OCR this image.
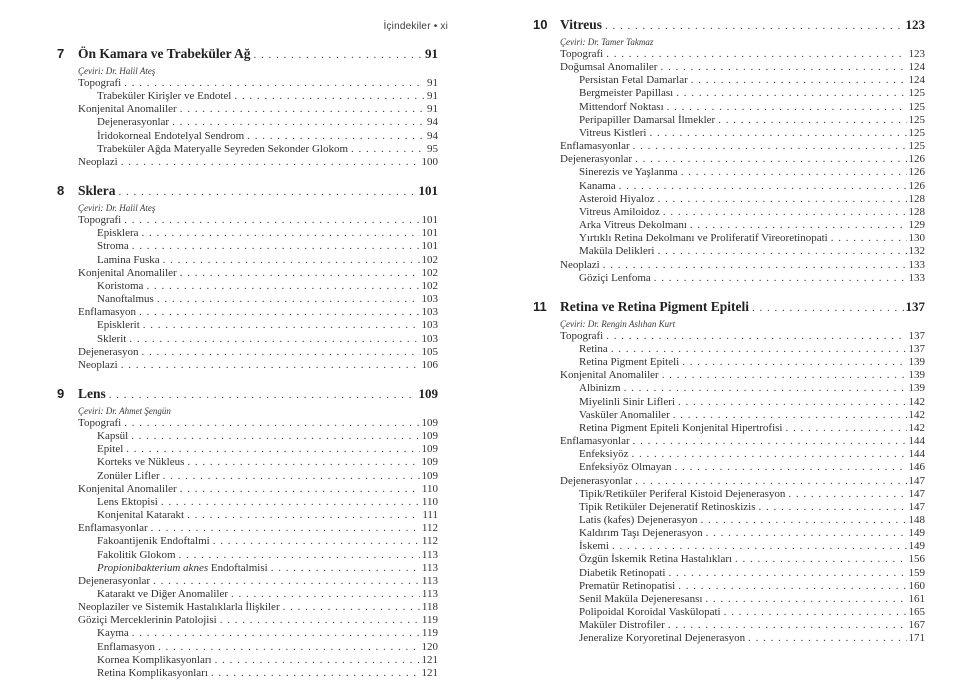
İçindekiler • xi
7	Ön Kamara ve Trabeküler Ağ . . .	91
Çeviri: Dr. Halil Ateş
Topografi . . .	91
Trabeküler Kirişler ve Endotel . . .	91
Konjenital Anomaliler . . .	91
Dejenerasyonlar . . .	94
İridokorneal Endotelyal Sendrom . . .	94
Trabeküler Ağda Materyalle Seyreden Sekonder Glokom . . .	95
Neoplazi . . .	100
8	Sklera . . .	101
Çeviri: Dr. Halil Ateş
Topografi . . .	101
Episklera . . .	101
Stroma . . .	101
Lamina Fuska . . .	102
Konjenital Anomaliler . . .	102
Koristoma . . .	102
Nanoftalmus . . .	103
Enflamasyon . . .	103
Episklerit . . .	103
Sklerit . . .	103
Dejenerasyon . . .	105
Neoplazi . . .	106
9	Lens . . .	109
Çeviri: Dr. Ahmet Şengün
Topografi . . .	109
Kapsül . . .	109
Epitel . . .	109
Korteks ve Nükleus . . .	109
Zonüler Lifler . . .	109
Konjenital Anomaliler . . .	110
Lens Ektopisi . . .	110
Konjenital Katarakt . . .	111
Enflamasyonlar . . .	112
Fakoantijenik Endoftalmi . . .	112
Fakolitik Glokom . . .	113
Propionibakterium aknes Endoftalmisi . . .	113
Dejenerasyonlar . . .	113
Katarakt ve Diğer Anomaliler . . .	113
Neoplaziler ve Sistemik Hastalıklarla İlişkiler . . .	118
Göziçi Merceklerinin Patolojisi . . .	119
Kayma . . .	119
Enflamasyon . . .	120
Kornea Komplikasyonları . . .	121
Retina Komplikasyonları . . .	121
10 Vitreus . . .	123
Çeviri: Dr. Tamer Takmaz
Topografi . . .	123
Doğumsal Anomaliler . . .	124
Persistan Fetal Damarlar . . .	124
Bergmeister Papillası . . .	125
Mittendorf Noktası . . .	125
Peripapiller Damarsal İlmekler . . .	125
Vitreus Kistleri . . .	125
Enflamasyonlar . . .	125
Dejenerasyonlar . . .	126
Sinerezis ve Yaşlanma . . .	126
Kanama . . .	126
Asteroid Hiyaloz . . .	128
Vitreus Amiloidoz . . .	128
Arka Vitreus Dekolmanı . . .	129
Yırtıklı Retina Dekolmanı ve Proliferatif Vireoretinopati . . .	130
Maküla Delikleri . . .	132
Neoplazi . . .	133
Göziçi Lenfoma . . .	133
11 Retina ve Retina Pigment Epiteli . . .	137
Çeviri: Dr. Rengin Aslıhan Kurt
Topografi . . .	137
Retina . . .	137
Retina Pigment Epiteli . . .	139
Konjenital Anomaliler . . .	139
Albinizm . . .	139
Miyelinli Sinir Lifleri . . .	142
Vasküler Anomaliler . . .	142
Retina Pigment Epiteli Konjenital Hipertrofisi . . .	142
Enflamasyonlar . . .	144
Enfeksiyöz . . .	144
Enfeksiyöz Olmayan . . .	146
Dejenerasyonlar . . .	147
Tipik/Retiküler Periferal Kistoid Dejenerasyon . . .	147
Tipik Retiküler Dejeneratif Retinoskizis . . .	147
Latis (kafes) Dejenerasyon . . .	148
Kaldırım Taşı Dejenerasyon . . .	149
İskemi . . .	149
Özgün İskemik Retina Hastalıkları . . .	156
Diabetik Retinopati . . .	159
Prematür Retinopatisi . . .	160
Senil Maküla Dejeneresansı . . .	161
Polipoidal Koroidal Vaskülopati . . .	165
Maküler Distrofiler . . .	167
Jeneralize Koryoretinal Dejenerasyon . . .	171
